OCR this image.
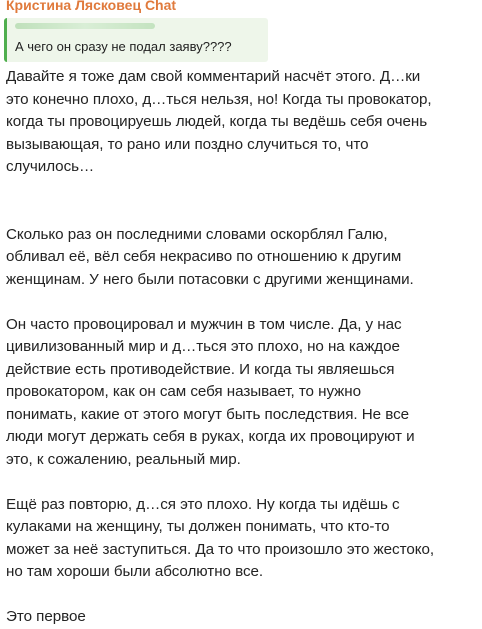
Кристина Лясковец Chat
А чего он сразу не подал заяву????

Давайте я тоже дам свой комментарий насчёт этого. Д…ки
это конечно плохо, д…ться нельзя, но! Когда ты провокатор,
когда ты провоцируешь людей, когда ты ведёшь себя очень
вызывающая, то рано или поздно случиться то, что
случилось…

Сколько раз он последними словами оскорблял Галю,
обливал её, вёл себя некрасиво по отношению к другим
женщинам. У него были потасовки с другими женщинами.

Он часто провоцировал и мужчин в том числе. Да, у нас
цивилизованный мир и д…ться это плохо, но на каждое
действие есть противодействие. И когда ты являешься
провокатором, как он сам себя называет, то нужно
понимать, какие от этого могут быть последствия. Не все
люди могут держать себя в руках, когда их провоцируют и
это, к сожалению, реальный мир.

Ещё раз повторю, д…ся это плохо. Ну когда ты идёшь с
кулаками на женщину, ты должен понимать, что кто-то
может за неё заступиться. Да то что произошло это жестоко,
но там хороши были абсолютно все.

Это первое
